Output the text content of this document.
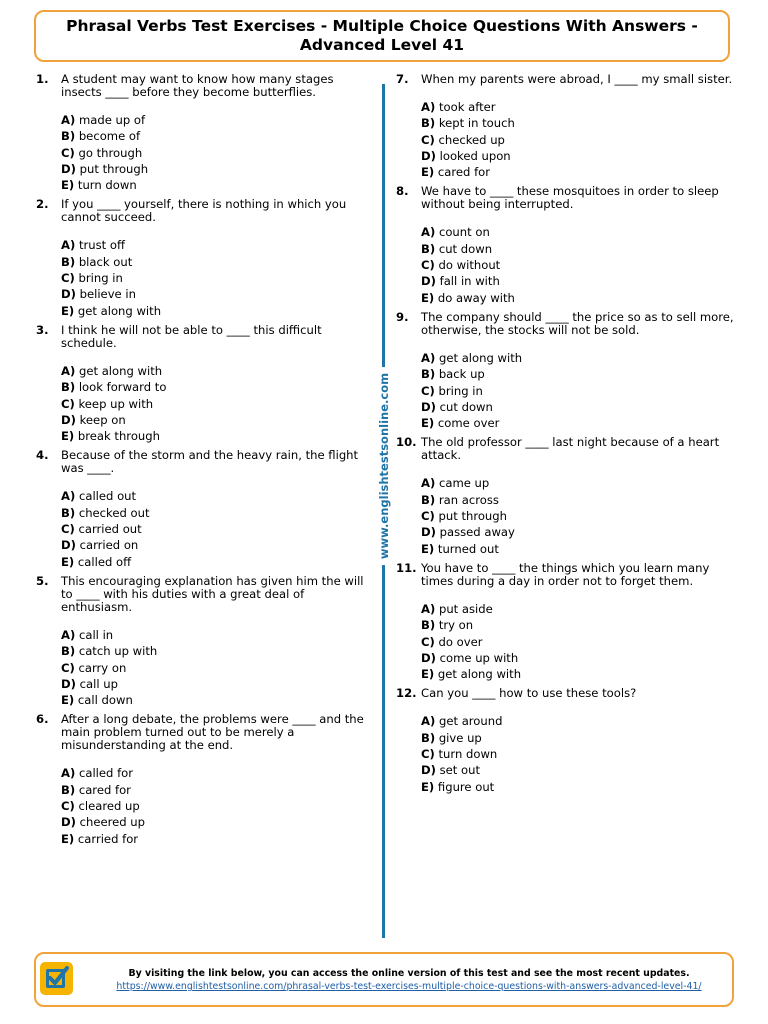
Phrasal Verbs Test Exercises - Multiple Choice Questions With Answers -
Advanced Level 41
1.	A student may want to know how many stages insects ____ before they become butterflies.
A) made up of
B) become of
C) go through
D) put through
E) turn down
2.	If you ____ yourself, there is nothing in which you cannot succeed.
A) trust off
B) black out
C) bring in
D) believe in
E) get along with
3.	I think he will not be able to ____ this difficult schedule.
A) get along with
B) look forward to
C) keep up with
D) keep on
E) break through
4.	Because of the storm and the heavy rain, the flight was ____.
A) called out
B) checked out
C) carried out
D) carried on
E) called off
5.	This encouraging explanation has given him the will to ____ with his duties with a great deal of enthusiasm.
A) call in
B) catch up with
C) carry on
D) call up
E) call down
6.	After a long debate, the problems were ____ and the main problem turned out to be merely a misunderstanding at the end.
A) called for
B) cared for
C) cleared up
D) cheered up
E) carried for
7.	When my parents were abroad, I ____ my small sister.
A) took after
B) kept in touch
C) checked up
D) looked upon
E) cared for
8.	We have to ____ these mosquitoes in order to sleep without being interrupted.
A) count on
B) cut down
C) do without
D) fall in with
E) do away with
9.	The company should ____ the price so as to sell more, otherwise, the stocks will not be sold.
A) get along with
B) back up
C) bring in
D) cut down
E) come over
10. The old professor ____ last night because of a heart attack.
A) came up
B) ran across
C) put through
D) passed away
E) turned out
11. You have to ____ the things which you learn many times during a day in order not to forget them.
A) put aside
B) try on
C) do over
D) come up with
E) get along with
12. Can you ____ how to use these tools?
A) get around
B) give up
C) turn down
D) set out
E) figure out
www.englishtestsonline.com
By visiting the link below, you can access the online version of this test and see the most recent updates.
https://www.englishtestsonline.com/phrasal-verbs-test-exercises-multiple-choice-questions-with-answers-advanced-level-41/
